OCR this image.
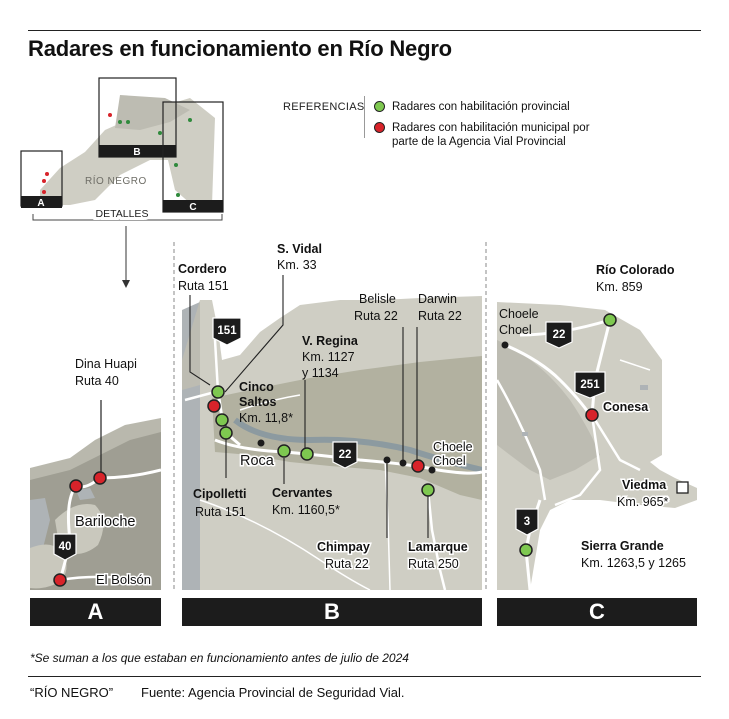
Radares en funcionamiento en Río Negro
RÍO NEGRO
A
B
C
DETALLES
REFERENCIAS Radares con habilitación provincial
Radares con habilitación municipal por
parte de la Agencia Vial Provincial
Dina Huapi
Ruta 40
Bariloche
El Bolsón
40
151
22
Cordero
Ruta 151
S. Vidal
Km. 33
V. Regina
Km. 1127
y 1134
Cinco
Saltos
Km. 11,8*
Roca
Cipolletti
Ruta 151
Cervantes
Km. 1160,5*
Belisle
Ruta 22
Darwin
Ruta 22
Choele
Choel
Chimpay
Ruta 22
Lamarque
Ruta 250
22
251
3
Río Colorado
Km. 859
Choele
Choel
Conesa
Viedma
Km. 965*
Sierra Grande
Km. 1263,5 y 1265
A	B	C
*Se suman a los que estaban en funcionamiento antes de julio de 2024
“RÍO NEGRO” Fuente: Agencia Provincial de Seguridad Vial.
